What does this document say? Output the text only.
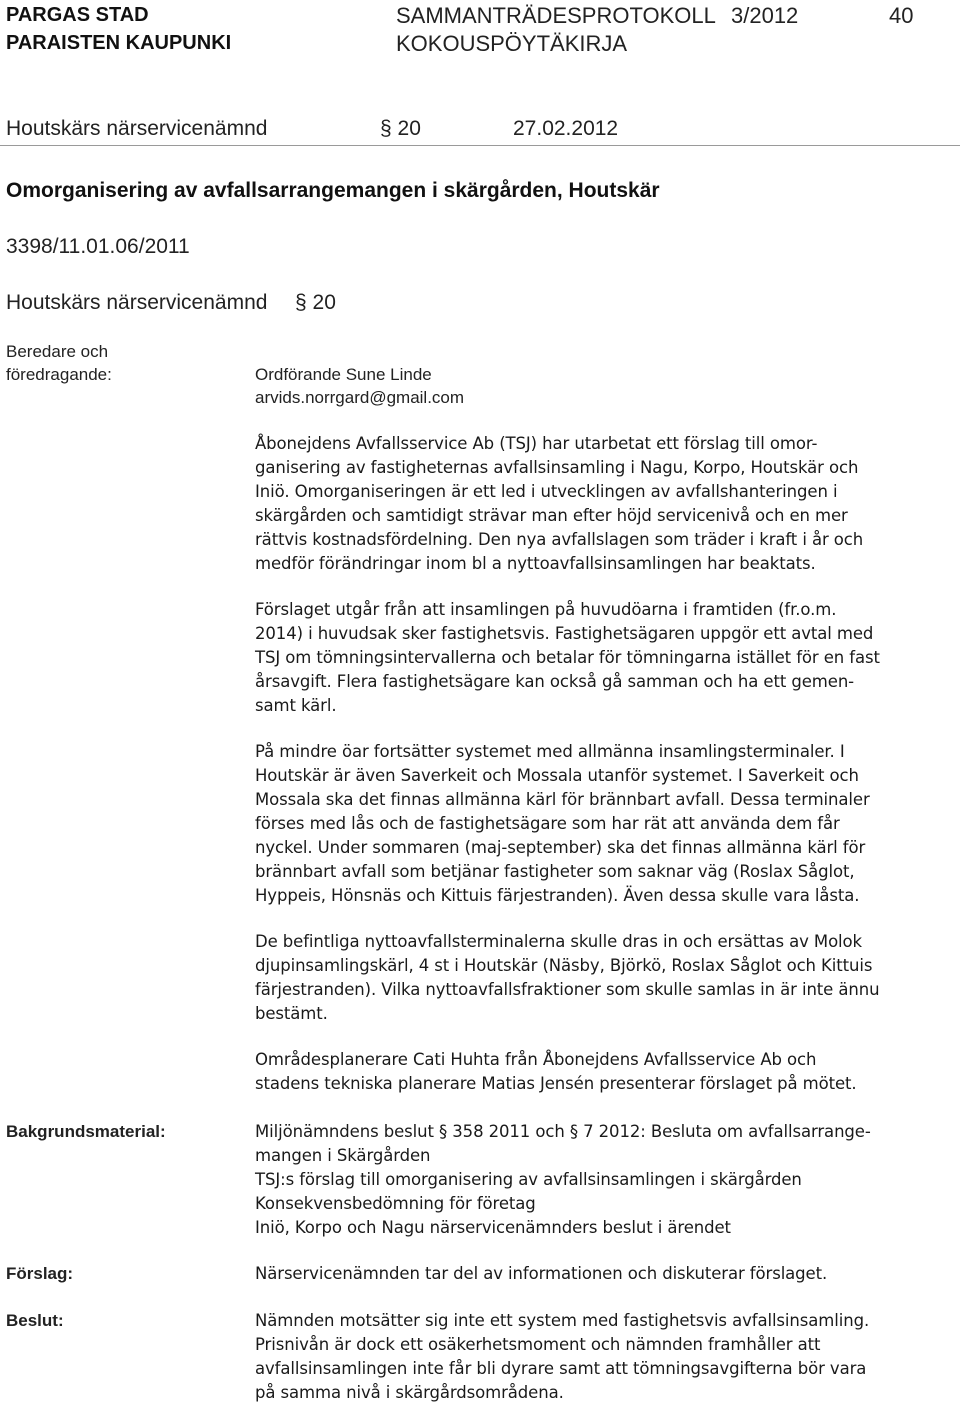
PARGAS STAD
PARAISTEN KAUPUNKI
SAMMANTRÄDESPROTOKOLL
KOKOUSPÖYTÄKIRJA
3/2012	40
Houtskärs närservicenämnd	§ 20	27.02.2012
Omorganisering av avfallsarrangemangen i skärgården, Houtskär
3398/11.01.06/2011
Houtskärs närservicenämnd § 20
Beredare och
föredragande:	Ordförande Sune Linde
arvids.norrgard@gmail.com
Åbonejdens Avfallsservice Ab (TSJ) har utarbetat ett förslag till omor-
ganisering av fastigheternas avfallsinsamling i Nagu, Korpo, Houtskär och
Iniö. Omorganiseringen är ett led i utvecklingen av avfallshanteringen i
skärgården och samtidigt strävar man efter höjd servicenivå och en mer
rättvis kostnadsfördelning. Den nya avfallslagen som träder i kraft i år och
medför förändringar inom bl a nyttoavfallsinsamlingen har beaktats.
Förslaget utgår från att insamlingen på huvudöarna i framtiden (fr.o.m.
2014) i huvudsak sker fastighetsvis. Fastighetsägaren uppgör ett avtal med
TSJ om tömningsintervallerna och betalar för tömningarna istället för en fast
årsavgift. Flera fastighetsägare kan också gå samman och ha ett gemen-
samt kärl.
På mindre öar fortsätter systemet med allmänna insamlingsterminaler. I
Houtskär är även Saverkeit och Mossala utanför systemet. I Saverkeit och
Mossala ska det finnas allmänna kärl för brännbart avfall. Dessa terminaler
förses med lås och de fastighetsägare som har rät att använda dem får
nyckel. Under sommaren (maj-september) ska det finnas allmänna kärl för
brännbart avfall som betjänar fastigheter som saknar väg (Roslax Såglot,
Hyppeis, Hönsnäs och Kittuis färjestranden). Även dessa skulle vara låsta.
De befintliga nyttoavfallsterminalerna skulle dras in och ersättas av Molok
djupinsamlingskärl, 4 st i Houtskär (Näsby, Björkö, Roslax Såglot och Kittuis
färjestranden). Vilka nyttoavfallsfraktioner som skulle samlas in är inte ännu
bestämt.
Områdesplanerare Cati Huhta från Åbonejdens Avfallsservice Ab och
stadens tekniska planerare Matias Jensén presenterar förslaget på mötet.
Bakgrundsmaterial:	Miljönämndens beslut § 358 2011 och § 7 2012: Besluta om avfallsarrange-
mangen i Skärgården
TSJ:s förslag till omorganisering av avfallsinsamlingen i skärgården
Konsekvensbedömning för företag
Iniö, Korpo och Nagu närservicenämnders beslut i ärendet
Förslag:	Närservicenämnden tar del av informationen och diskuterar förslaget.
Beslut:	Nämnden motsätter sig inte ett system med fastighetsvis avfallsinsamling.
Prisnivån är dock ett osäkerhetsmoment och nämnden framhåller att
avfallsinsamlingen inte får bli dyrare samt att tömningsavgifterna bör vara
på samma nivå i skärgårdsområdena.
